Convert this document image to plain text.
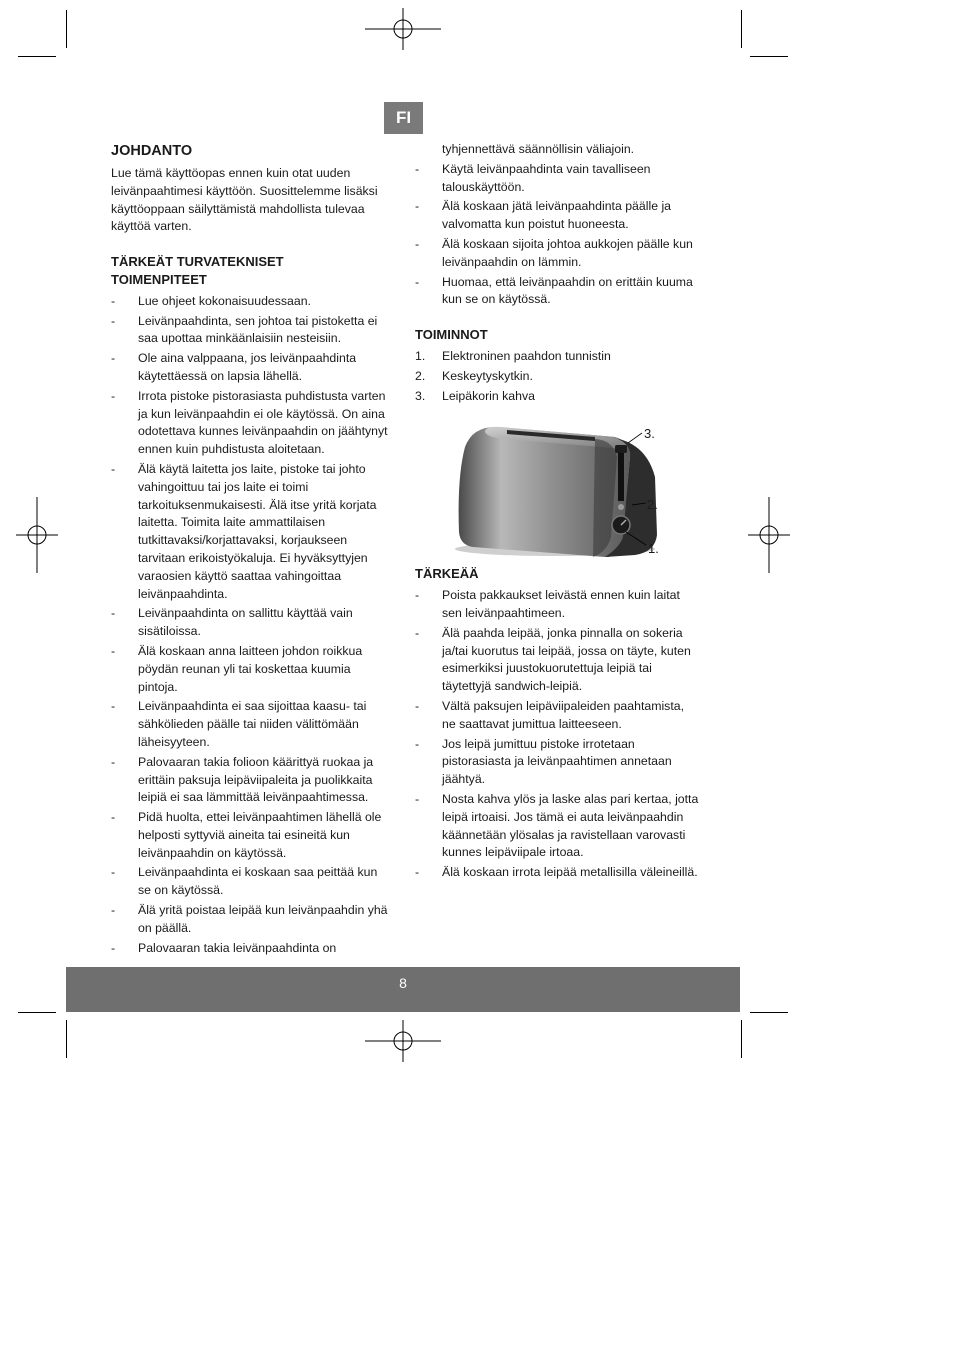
FI
JOHDANTO

Lue tämä käyttöopas ennen kuin otat uuden leivänpaahtimesi käyttöön. Suosittelemme lisäksi käyttöoppaan säilyttämistä mahdollista tulevaa käyttöä varten.

TÄRKEÄT TURVATEKNISET
TOIMENPITEET
- Lue ohjeet kokonaisuudessaan.
- Leivänpaahdinta, sen johtoa tai pistoketta ei saa upottaa minkäänlaisiin nesteisiin.
- Ole aina valppaana, jos leivänpaahdinta käytettäessä on lapsia lähellä.
- Irrota pistoke pistorasiasta puhdistusta varten ja kun leivänpaahdin ei ole käytössä. On aina odotettava kunnes leivänpaahdin on jäähtynyt ennen kuin puhdistusta aloitetaan.
- Älä käytä laitetta jos laite, pistoke tai johto vahingoittuu tai jos laite ei toimi tarkoituksenmukaisesti. Älä itse yritä korjata laitetta. Toimita laite ammattilaisen tutkittavaksi/korjattavaksi, korjaukseen tarvitaan erikoistyökaluja. Ei hyväksyttyjen varaosien käyttö saattaa vahingoittaa leivänpaahdinta.
- Leivänpaahdinta on sallittu käyttää vain sisätiloissa.
- Älä koskaan anna laitteen johdon roikkua pöydän reunan yli tai koskettaa kuumia pintoja.
- Leivänpaahdinta ei saa sijoittaa kaasu- tai sähkölieden päälle tai niiden välittömään läheisyyteen.
- Palovaaran takia folioon käärittyä ruokaa ja erittäin paksuja leipäviipaleita ja puolikkaita leipiä ei saa lämmittää leivänpaahtimessa.
- Pidä huolta, ettei leivänpaahtimen lähellä ole helposti syttyviä aineita tai esineitä kun leivänpaahdin on käytössä.
- Leivänpaahdinta ei koskaan saa peittää kun se on käytössä.
- Älä yritä poistaa leipää kun leivänpaahdin yhä on päällä.
- Palovaaran takia leivänpaahdinta on
tyhjennettävä säännöllisin väliajoin.
- Käytä leivänpaahdinta vain tavalliseen talouskäyttöön.
- Älä koskaan jätä leivänpaahdinta päälle ja valvomatta kun poistut huoneesta.
- Älä koskaan sijoita johtoa aukkojen päälle kun leivänpaahdin on lämmin.
- Huomaa, että leivänpaahdin on erittäin kuuma kun se on käytössä.
TOIMINNOT
1. Elektroninen paahdon tunnistin
2. Keskeytyskytkin.
3. Leipäkorin kahva
3.
2.
1.
TÄRKEÄÄ
- Poista pakkaukset leivästä ennen kuin laitat sen leivänpaahtimeen.
- Älä paahda leipää, jonka pinnalla on sokeria ja/tai kuorutus tai leipää, jossa on täyte, kuten esimerkiksi juustokuorutettuja leipiä tai täytettyjä sandwich-leipiä.
- Vältä paksujen leipäviipaleiden paahtamista, ne saattavat jumittua laitteeseen.
- Jos leipä jumittuu pistoke irrotetaan pistorasiasta ja leivänpaahtimen annetaan jäähtyä.
- Nosta kahva ylös ja laske alas pari kertaa, jotta leipä irtoaisi. Jos tämä ei auta leivänpaahdin käännetään ylösalas ja ravistellaan varovasti kunnes leipäviipale irtoaa.
- Älä koskaan irrota leipää metallisilla väleineillä.
8
